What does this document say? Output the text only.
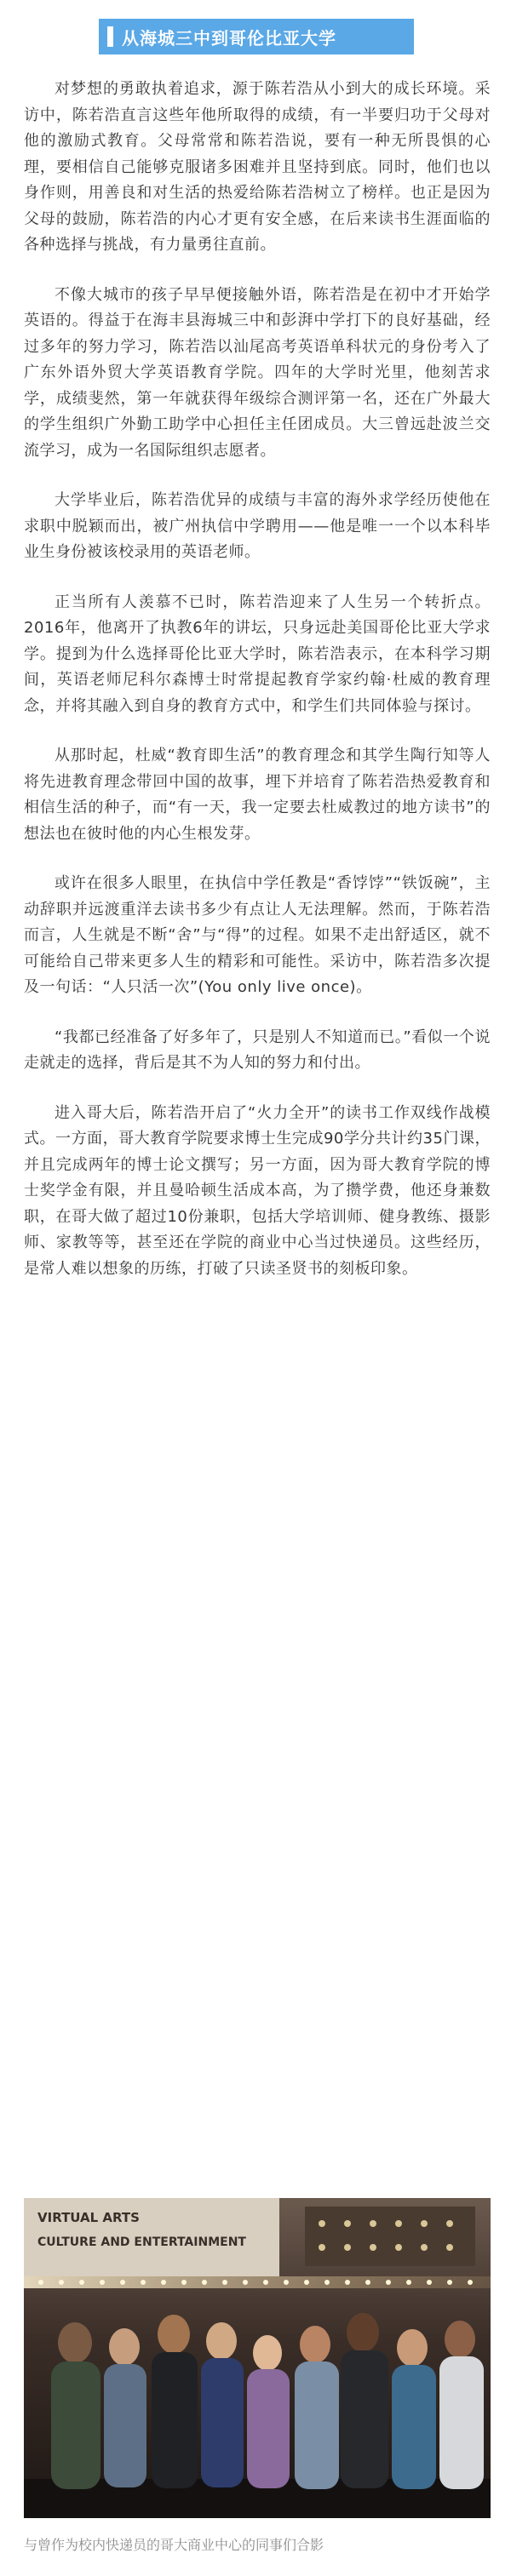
从海城三中到哥伦比亚大学

对梦想的勇敢执着追求，源于陈若浩从小到大的成长环境。采访中，陈若浩直言这些年他所取得的成绩，有一半要归功于父母对他的激励式教育。父母常常和陈若浩说，要有一种无所畏惧的心理，要相信自己能够克服诸多困难并且坚持到底。同时，他们也以身作则，用善良和对生活的热爱给陈若浩树立了榜样。也正是因为父母的鼓励，陈若浩的内心才更有安全感，在后来读书生涯面临的各种选择与挑战，有力量勇往直前。

不像大城市的孩子早早便接触外语，陈若浩是在初中才开始学英语的。得益于在海丰县海城三中和彭湃中学打下的良好基础，经过多年的努力学习，陈若浩以汕尾高考英语单科状元的身份考入了广东外语外贸大学英语教育学院。四年的大学时光里，他刻苦求学，成绩斐然，第一年就获得年级综合测评第一名，还在广外最大的学生组织广外勤工助学中心担任主任团成员。大三曾远赴波兰交流学习，成为一名国际组织志愿者。

大学毕业后，陈若浩优异的成绩与丰富的海外求学经历使他在求职中脱颖而出，被广州执信中学聘用——他是唯一一个以本科毕业生身份被该校录用的英语老师。

正当所有人羡慕不已时，陈若浩迎来了人生另一个转折点。2016年，他离开了执教6年的讲坛，只身远赴美国哥伦比亚大学求学。提到为什么选择哥伦比亚大学时，陈若浩表示，在本科学习期间，英语老师尼科尔森博士时常提起教育学家约翰·杜威的教育理念，并将其融入到自身的教育方式中，和学生们共同体验与探讨。

从那时起，杜威“教育即生活”的教育理念和其学生陶行知等人将先进教育理念带回中国的故事，埋下并培育了陈若浩热爱教育和相信生活的种子，而“有一天，我一定要去杜威教过的地方读书”的想法也在彼时他的内心生根发芽。

或许在很多人眼里，在执信中学任教是“香饽饽”“铁饭碗”，主动辞职并远渡重洋去读书多少有点让人无法理解。然而，于陈若浩而言，人生就是不断“舍”与“得”的过程。如果不走出舒适区，就不可能给自己带来更多人生的精彩和可能性。采访中，陈若浩多次提及一句话：“人只活一次”(You only live once)。

“我都已经准备了好多年了，只是别人不知道而已。”看似一个说走就走的选择，背后是其不为人知的努力和付出。

进入哥大后，陈若浩开启了“火力全开”的读书工作双线作战模式。一方面，哥大教育学院要求博士生完成90学分共计约35门课，并且完成两年的博士论文撰写；另一方面，因为哥大教育学院的博士奖学金有限，并且曼哈顿生活成本高，为了攒学费，他还身兼数职，在哥大做了超过10份兼职，包括大学培训师、健身教练、摄影师、家教等等，甚至还在学院的商业中心当过快递员。这些经历，是常人难以想象的历练，打破了只读圣贤书的刻板印象。

VIRTUAL ARTS
CULTURE AND ENTERTAINMENT
与曾作为校内快递员的哥大商业中心的同事们合影
